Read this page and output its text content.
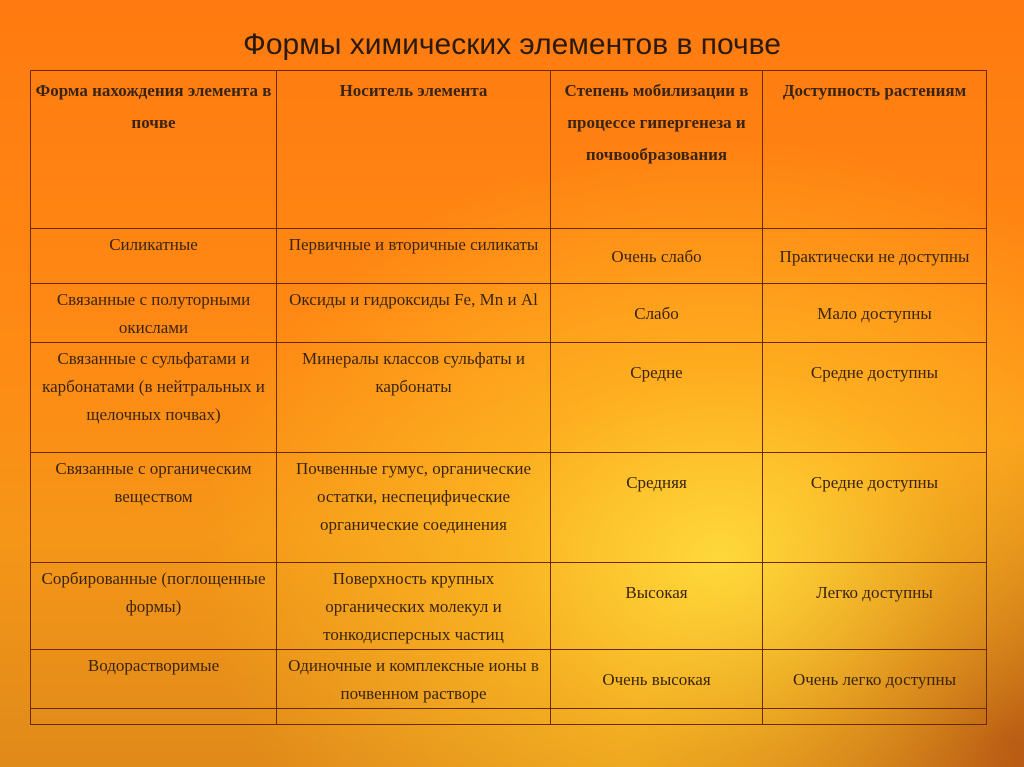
Формы химических элементов в почве
Форма нахождения элемента в почве	Носитель элемента	Степень мобилизации в процессе гипергенеза и почвообразования	Доступность растениям
Силикатные	Первичные и вторичные силикаты	Очень слабо	Практически не доступны
Связанные с полуторными окислами	Оксиды и гидроксиды Fe, Mn и Al	Слабо	Мало доступны
Связанные с сульфатами и карбонатами (в нейтральных и щелочных почвах)	Минералы классов сульфаты и карбонаты	Средне	Средне доступны
Связанные с органическим веществом	Почвенные гумус, органические остатки, неспецифические органические соединения	Средняя	Средне доступны
Сорбированные (поглощенные формы)	Поверхность крупных органических молекул и тонкодисперсных частиц	Высокая	Легко доступны
Водорастворимые	Одиночные и комплексные ионы в почвенном растворе	Очень высокая	Очень легко доступны
